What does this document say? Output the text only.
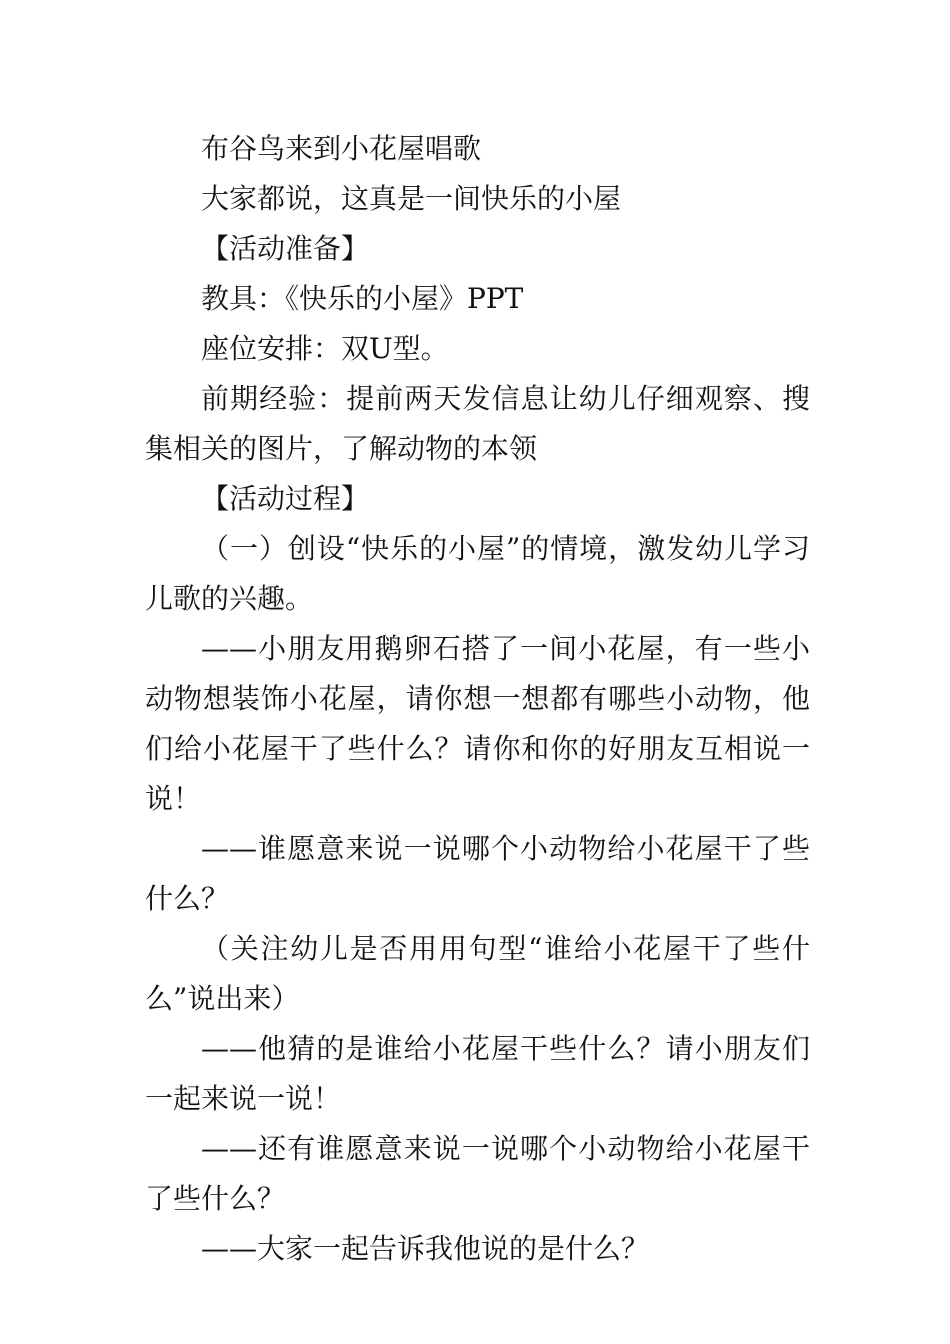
布谷鸟来到小花屋唱歌

大家都说，这真是一间快乐的小屋

【活动准备】

教具：《快乐的小屋》PPT

座位安排：双U型。

前期经验：提前两天发信息让幼儿仔细观察、搜集相关的图片，了解动物的本领

【活动过程】

（一）创设“快乐的小屋”的情境，激发幼儿学习儿歌的兴趣。

——小朋友用鹅卵石搭了一间小花屋，有一些小动物想装饰小花屋，请你想一想都有哪些小动物，他们给小花屋干了些什么？请你和你的好朋友互相说一说！

——谁愿意来说一说哪个小动物给小花屋干了些什么？

（关注幼儿是否用用句型“谁给小花屋干了些什么”说出来）

——他猜的是谁给小花屋干些什么？请小朋友们一起来说一说！

——还有谁愿意来说一说哪个小动物给小花屋干了些什么？

——大家一起告诉我他说的是什么？
